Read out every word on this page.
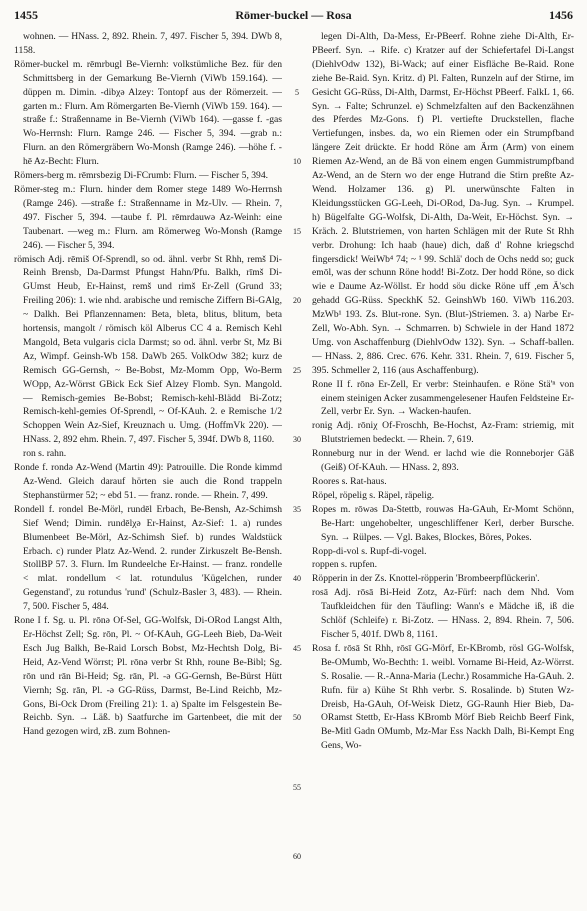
1455	Römer-buckel — Rosa	1456

wohnen. — HNass. 2, 892. Rhein. 7, 497. Fischer 5, 394. DWb 8, 1158.

Römer-buckel m. rēmrbugl Be-Viernh: volkstümliche Bez. für den Schmittsberg in der Gemarkung Be-Viernh (ViWb 159.164). —düppen m. Dimin. -dibχə Alzey: Tontopf aus der Römerzeit. —garten m.: Flurn. Am Römergarten Be-Viernh (ViWb 159. 164). —straße f.: Straßenname in Be-Viernh (ViWb 164). —gasse f. -gas Wo-Herrnsh: Flurn. Ramge 246. — Fischer 5, 394. —grab n.: Flurn. an den Römergräbern Wo-Monsh (Ramge 246). —höhe f. -hē Az-Becht: Flurn.

Römers-berg m. rēmrsbezig Di-FCrumb: Flurn. — Fischer 5, 394.

Römer-steg m.: Flurn. hinder dem Romer stege 1489 Wo-Herrnsh (Ramge 246). —straße f.: Straßenname in Mz-Ulv. — Rhein. 7, 497. Fischer 5, 394. —taube f. Pl. rēmrdauwə Az-Weinh: eine Taubenart. —weg m.: Flurn. am Römerweg Wo-Monsh (Ramge 246). — Fischer 5, 394.

römisch Adj. rēmiš Of-Sprendl, so od. ähnl. verbr St Rhh, remš Di-Reinh Brensb, Da-Darmst Pfungst Hahn/Pfu. Balkh, rīmš Di-GUmst Heub, Er-Hainst, remš und rimš Er-Zell (Grund 33; Freiling 206): 1. wie nhd. arabische und remische Ziffern Bi-GAlg, ~ Dalkh. Bei Pflanzennamen: Beta, bleta, blitus, blitum, beta hortensis, mangolt / römisch köl Alberus CC 4 a. Remisch Kehl Mangold, Beta vulgaris cicla Darmst; so od. ähnl. verbr St, Mz Bi Az, Wimpf. Geinsh-Wb 158. DaWb 265. VolkOdw 382; kurz de Remisch GG-Gernsh, ~ Be-Bobst, Mz-Momm Opp, Wo-Berm WOpp, Az-Wörrst GBick Eck Sief Alzey Flomb. Syn. Mangold. — Remisch-gemies Be-Bobst; Remisch-kehl-Blädd Bi-Zotz; Remisch-kehl-gemies Of-Sprendl, ~ Of-KAuh. 2. e Remische 1/2 Schoppen Wein Az-Sief, Kreuznach u. Umg. (HoffmVk 220). — HNass. 2, 892 ehm. Rhein. 7, 497. Fischer 5, 394f. DWb 8, 1160.

ron s. rahn.

Ronde f. rondə Az-Wend (Martin 49): Patrouille. Die Ronde kimmd Az-Wend. Gleich darauf hörten sie auch die Rond trappeln Stephanstürmer 52; ~ ebd 51. — franz. ronde. — Rhein. 7, 499.

Rondell f. rondel Be-Mörl, rundēl Erbach, Be-Bensh, Az-Schimsh Sief Wend; Dimin. rundēlχə Er-Hainst, Az-Sief: 1. a) rundes Blumenbeet Be-Mörl, Az-Schimsh Sief. b) rundes Waldstück Erbach. c) runder Platz Az-Wend. 2. runder Zirkuszelt Be-Bensh. StollBP 57. 3. Flurn. Im Rundeelche Er-Hainst. — franz. rondelle < mlat. rondellum < lat. rotundulus 'Kügelchen, runder Gegenstand', zu rotundus 'rund' (Schulz-Basler 3, 483). — Rhein. 7, 500. Fischer 5, 484.

Rone I f. Sg. u. Pl. rōnə Of-Sel, GG-Wolfsk, Di-ORod Langst Alth, Er-Höchst Zell; Sg. rōn, Pl. ~ Of-KAuh, GG-Leeh Bieb, Da-Weit Esch Jug Balkh, Be-Raid Lorsch Bobst, Mz-Hechtsh Dolg, Bi-Heid, Az-Vend Wörrst; Pl. rōnə verbr St Rhh, roune Be-Bibl; Sg. rōn und rān Bi-Heid; Sg. rān, Pl. -ə GG-Gernsh, Be-Bürst Hütt Viernh; Sg. rān, Pl. -ə GG-Rüss, Darmst, Be-Lind Reichb, Mz-Gons, Bi-Ock Drom (Freiling 21): 1. a) Spalte im Felsgestein Be-Reichb. Syn. → Läß. b) Saatfurche im Gartenbeet, die mit der Hand gezogen wird, zB. zum Bohnen-

5
10
15
20
25
30
35
40
45
50
55
60

legen Di-Alth, Da-Mess, Er-PBeerf. Rohne ziehe Di-Alth, Er-PBeerf. Syn. → Rife. c) Kratzer auf der Schiefertafel Di-Langst (DiehlvOdw 132), Bi-Wack; auf einer Eisfläche Be-Raid. Rone ziehe Be-Raid. Syn. Kritz. d) Pl. Falten, Runzeln auf der Stirne, im Gesicht GG-Rüss, Di-Alth, Darmst, Er-Höchst PBeerf. FalkL 1, 66. Syn. → Falte; Schrunzel. e) Schmelzfalten auf den Backenzähnen des Pferdes Mz-Gons. f) Pl. vertiefte Druckstellen, flache Vertiefungen, insbes. da, wo ein Riemen oder ein Strumpfband längere Zeit drückte. Er hodd Röne am Ärm (Arm) von einem Riemen Az-Wend, an de Bä von einem engen Gummistrumpfband Az-Wend, an de Stern wo der enge Hutrand die Stirn preßte Az-Wend. Holzamer 136. g) Pl. unerwünschte Falten in Kleidungsstücken GG-Leeh, Di-ORod, Da-Jug. Syn. → Krumpel. h) Bügelfalte GG-Wolfsk, Di-Alth, Da-Weit, Er-Höchst. Syn. → Kräch. 2. Blutstriemen, von harten Schlägen mit der Rute St Rhh verbr. Drohung: Ich haab (haue) dich, daß d' Rohne kriegschd fingersdick! WeiWb⁴ 74; ~ ¹ 99. Schlä' doch de Ochs nedd so; guck emōl, was der schunn Röne hodd! Bi-Zotz. Der hodd Röne, so dick wie e Daume Az-Wöllst. Er hodd söu dicke Röne uff ,em Ä'sch gehadd GG-Rüss. SpeckhK 52. GeinshWb 160. ViWb 116.203. MzWb¹ 193. Zs. Blut-rone. Syn. (Blut-)Striemen. 3. a) Narbe Er-Zell, Wo-Abh. Syn. → Schmarren. b) Schwiele in der Hand 1872 Umg. von Aschaffenburg (DiehlvOdw 132). Syn. → Schaff-ballen. — HNass. 2, 886. Crec. 676. Kehr. 331. Rhein. 7, 619. Fischer 5, 395. Schmeller 2, 116 (aus Aschaffenburg).

Rone II f. rōnə Er-Zell, Er verbr: Steinhaufen. e Röne Stä'ⁿ von einem steinigen Acker zusammengelesener Haufen Feldsteine Er-Zell, verbr Er. Syn. → Wacken-haufen.

ronig Adj. rōniχ Of-Froschh, Be-Hochst, Az-Fram: striemig, mit Blutstriemen bedeckt. — Rhein. 7, 619.

Ronneburg nur in der Wend. er lachd wie die Ronneborjer Gäß (Geiß) Of-KAuh. — HNass. 2, 893.

Roores s. Rat-haus.

Röpel, röpelig s. Räpel, räpelig.

Ropes m. rōwəs Da-Stettb, rouwəs Ha-GAuh, Er-Momt Schönn, Be-Hart: ungehobelter, ungeschliffener Kerl, derber Bursche. Syn. → Rülpes. — Vgl. Bakes, Blockes, Böres, Pokes.

Ropp-di-vol s. Rupf-di-vogel.

roppen s. rupfen.

Röpperin in der Zs. Knottel-röpperin 'Brombeerpflückerin'.

rosā Adj. rōsā Bi-Heid Zotz, Az-Fürf: nach dem Nhd. Vom Taufkleidchen für den Täufling: Wann's e Mädche iß, iß die Schlöf (Schleife) r. Bi-Zotz. — HNass. 2, 894. Rhein. 7, 506. Fischer 5, 401f. DWb 8, 1161.

Rosa f. rōsā St Rhh, rōsī GG-Mörf, Er-KBromb, rösl GG-Wolfsk, Be-OMumb, Wo-Bechth: 1. weibl. Vorname Bi-Heid, Az-Wörrst. S. Rosalie. — R.-Anna-Maria (Lechr.) Rosammiche Ha-GAuh. 2. Rufn. für a) Kühe St Rhh verbr. S. Rosalinde. b) Stuten Wz-Dreisb, Ha-GAuh, Of-Weisk Dietz, GG-Raunh Hier Bieb, Da-ORamst Stettb, Er-Hass KBromb Mörf Bieb Reichb Beerf Fink, Be-Mitl Gadn OMumb, Mz-Mar Ess Nackh Dalh, Bi-Kempt Eng Gens, Wo-
